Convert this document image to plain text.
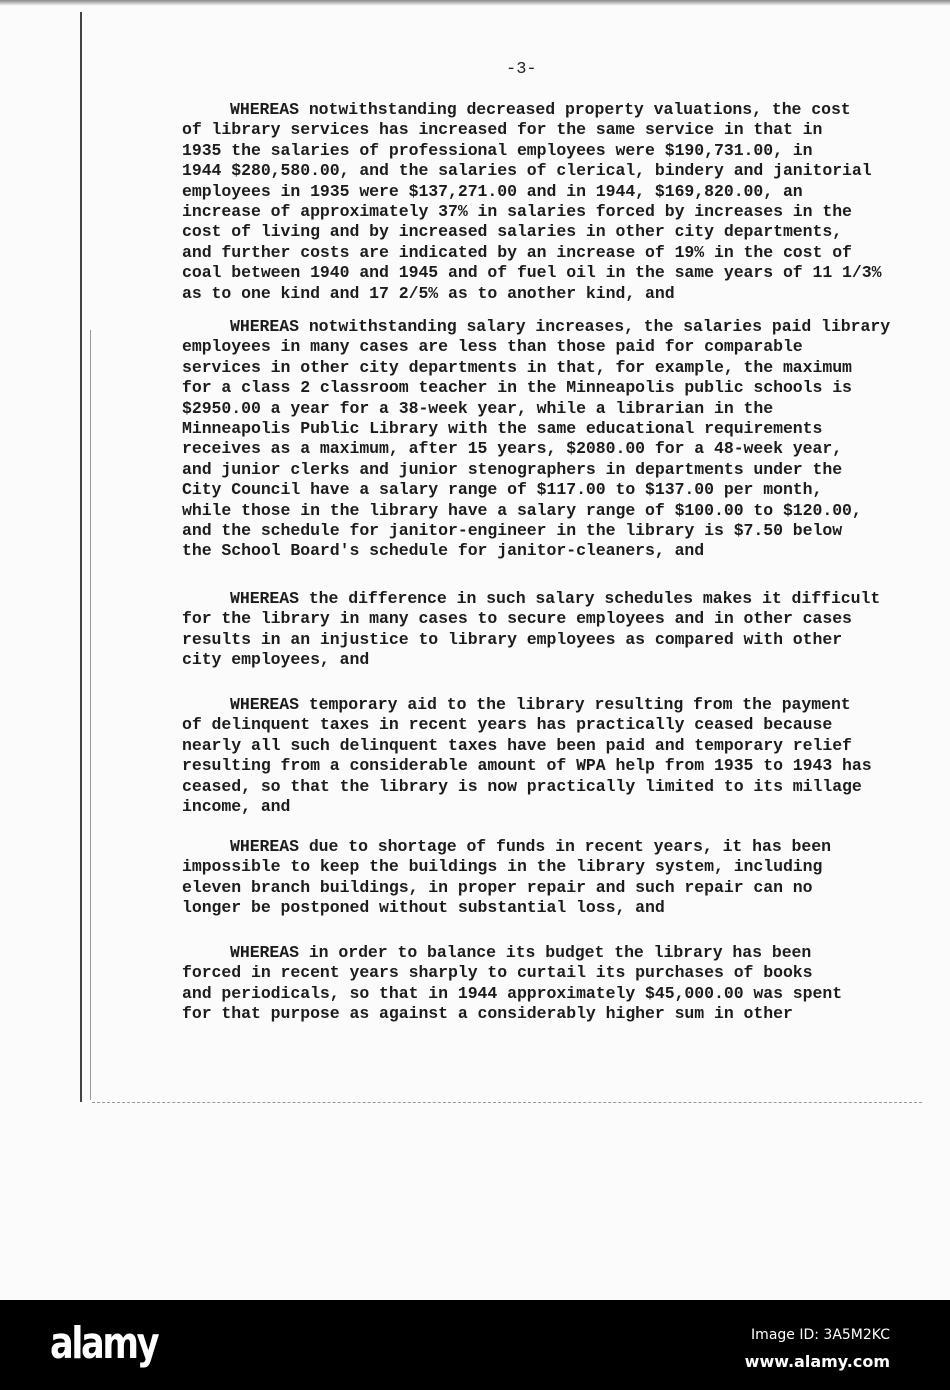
-3-
WHEREAS notwithstanding decreased property valuations, the cost
of library services has increased for the same service in that in
1935 the salaries of professional employees were $190,731.00, in
1944 $280,580.00, and the salaries of clerical, bindery and janitorial
employees in 1935 were $137,271.00 and in 1944, $169,820.00, an
increase of approximately 37% in salaries forced by increases in the
cost of living and by increased salaries in other city departments,
and further costs are indicated by an increase of 19% in the cost of
coal between 1940 and 1945 and of fuel oil in the same years of 11 1/3%
as to one kind and 17 2/5% as to another kind, and
WHEREAS notwithstanding salary increases, the salaries paid library
employees in many cases are less than those paid for comparable
services in other city departments in that, for example, the maximum
for a class 2 classroom teacher in the Minneapolis public schools is
$2950.00 a year for a 38-week year, while a librarian in the
Minneapolis Public Library with the same educational requirements
receives as a maximum, after 15 years, $2080.00 for a 48-week year,
and junior clerks and junior stenographers in departments under the
City Council have a salary range of $117.00 to $137.00 per month,
while those in the library have a salary range of $100.00 to $120.00,
and the schedule for janitor-engineer in the library is $7.50 below
the School Board's schedule for janitor-cleaners, and
WHEREAS the difference in such salary schedules makes it difficult
for the library in many cases to secure employees and in other cases
results in an injustice to library employees as compared with other
city employees, and
WHEREAS temporary aid to the library resulting from the payment
of delinquent taxes in recent years has practically ceased because
nearly all such delinquent taxes have been paid and temporary relief
resulting from a considerable amount of WPA help from 1935 to 1943 has
ceased, so that the library is now practically limited to its millage
income, and
WHEREAS due to shortage of funds in recent years, it has been
impossible to keep the buildings in the library system, including
eleven branch buildings, in proper repair and such repair can no
longer be postponed without substantial loss, and
WHEREAS in order to balance its budget the library has been
forced in recent years sharply to curtail its purchases of books
and periodicals, so that in 1944 approximately $45,000.00 was spent
for that purpose as against a considerably higher sum in other
alamy	Image ID: 3A5M2KC
www.alamy.com
